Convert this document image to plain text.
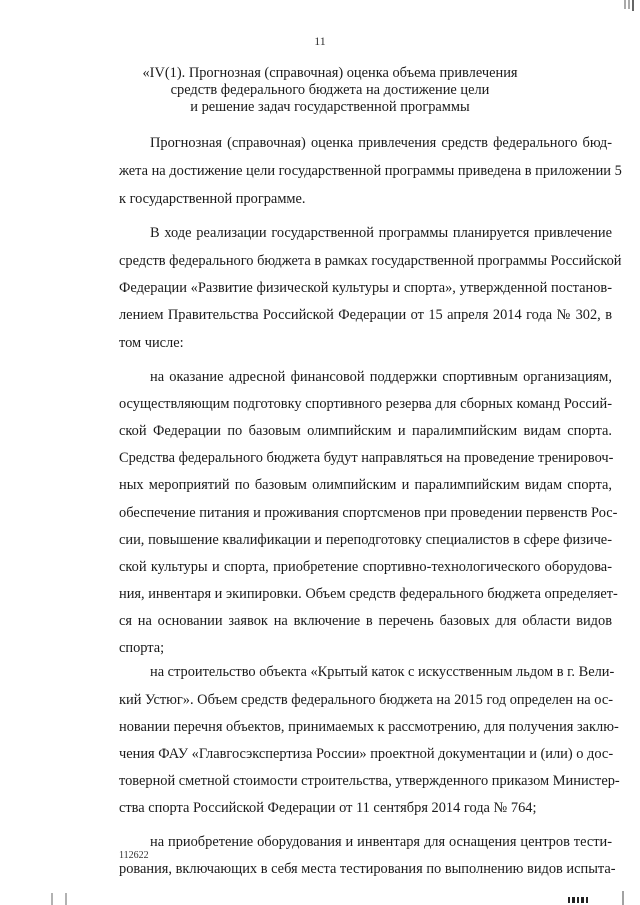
11
«IV(1). Прогнозная (справочная) оценка объема привлечения
средств федерального бюджета на достижение цели
и решение задач государственной программы
Прогнозная (справочная) оценка привлечения средств федерального бюд-
жета на достижение цели государственной программы приведена в приложении 5
к государственной программе.
В ходе реализации государственной программы планируется привлечение
средств федерального бюджета в рамках государственной программы Российской
Федерации «Развитие физической культуры и спорта», утвержденной постанов-
лением Правительства Российской Федерации от 15 апреля 2014 года № 302, в
том числе:
на оказание адресной финансовой поддержки спортивным организациям,
осуществляющим подготовку спортивного резерва для сборных команд Россий-
ской Федерации по базовым олимпийским и паралимпийским видам спорта.
Средства федерального бюджета будут направляться на проведение тренировоч-
ных мероприятий по базовым олимпийским и паралимпийским видам спорта,
обеспечение питания и проживания спортсменов при проведении первенств Рос-
сии, повышение квалификации и переподготовку специалистов в сфере физиче-
ской культуры и спорта, приобретение спортивно-технологического оборудова-
ния, инвентаря и экипировки. Объем средств федерального бюджета определяет-
ся на основании заявок на включение в перечень базовых для области видов
спорта;
на строительство объекта «Крытый каток с искусственным льдом в г. Вели-
кий Устюг». Объем средств федерального бюджета на 2015 год определен на ос-
новании перечня объектов, принимаемых к рассмотрению, для получения заклю-
чения ФАУ «Главгосэкспертиза России» проектной документации и (или) о дос-
товерной сметной стоимости строительства, утвержденного приказом Министер-
ства спорта Российской Федерации от 11 сентября 2014 года № 764;
на приобретение оборудования и инвентаря для оснащения центров тести-
рования, включающих в себя места тестирования по выполнению видов испыта-
112622
